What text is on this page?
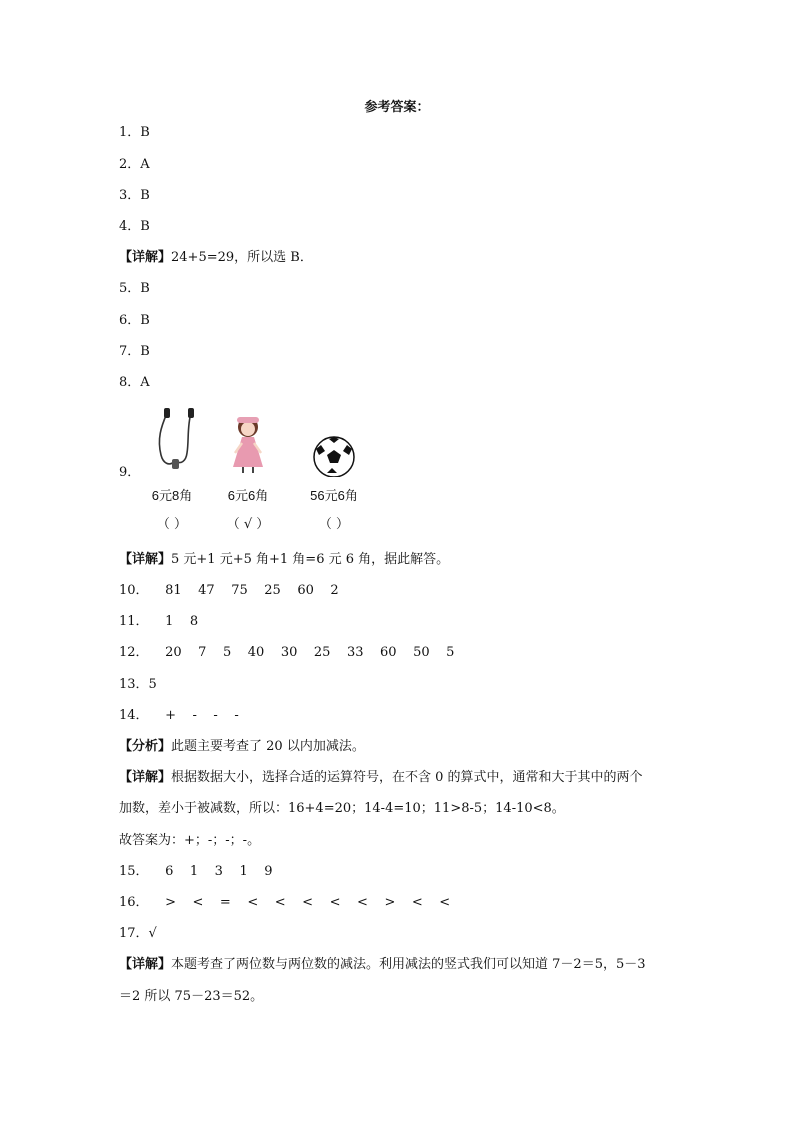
参考答案：
1．B
2．A
3．B
4．B
【详解】24+5=29，所以选 B．
5．B
6．B
7．B
8．A
9．
6元8角
（ ）
6元6角
（ √ ）
56元6角
（ ）
【详解】5 元+1 元+5 角+1 角=6 元 6 角，据此解答。
10．    81    47    75    25    60    2
11．    1    8
12．    20    7    5    40    30    25    33    60    50    5
13．5
14．    +    -    -    -
【分析】此题主要考查了 20 以内加减法。
【详解】根据数据大小，选择合适的运算符号，在不含 0 的算式中，通常和大于其中的两个
加数，差小于被减数，所以：16+4=20；14-4=10；11>8-5；14-10<8。
故答案为：+；-；-；-。
15．    6    1    3    1    9
16．    >    <    =    <    <    <    <    <    >    <    <
17．√
【详解】本题考查了两位数与两位数的减法。利用减法的竖式我们可以知道 7－2＝5，5－3
＝2 所以 75－23＝52。
